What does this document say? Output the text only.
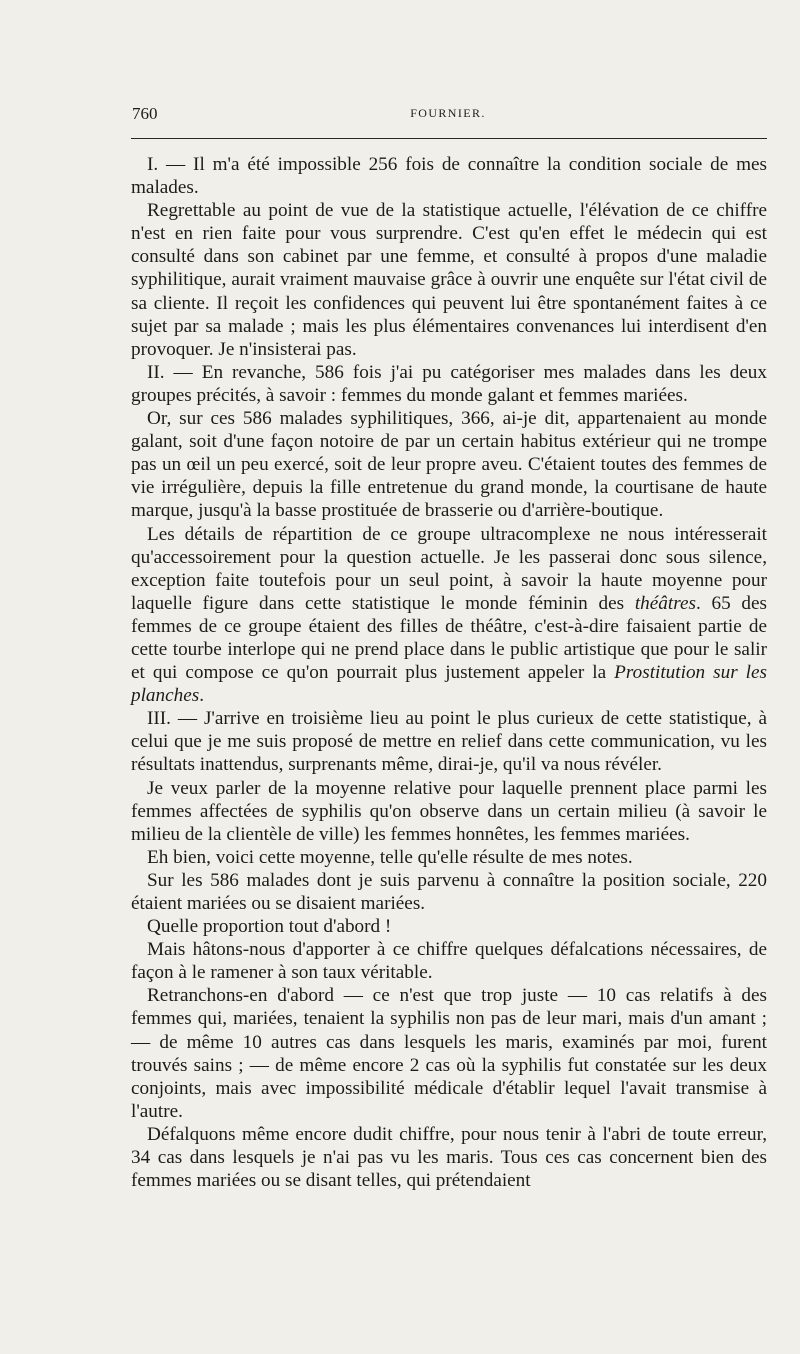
760	FOURNIER.

I. — Il m'a été impossible 256 fois de connaître la condition sociale de mes malades.

Regrettable au point de vue de la statistique actuelle, l'élévation de ce chiffre n'est en rien faite pour vous surprendre. C'est qu'en effet le médecin qui est consulté dans son cabinet par une femme, et consulté à propos d'une maladie syphilitique, aurait vraiment mauvaise grâce à ouvrir une enquête sur l'état civil de sa cliente. Il reçoit les confidences qui peuvent lui être spontanément faites à ce sujet par sa malade ; mais les plus élémentaires convenances lui interdisent d'en provoquer. Je n'insisterai pas.

II. — En revanche, 586 fois j'ai pu catégoriser mes malades dans les deux groupes précités, à savoir : femmes du monde galant et femmes mariées.

Or, sur ces 586 malades syphilitiques, 366, ai-je dit, appartenaient au monde galant, soit d'une façon notoire de par un certain habitus extérieur qui ne trompe pas un œil un peu exercé, soit de leur propre aveu. C'étaient toutes des femmes de vie irrégulière, depuis la fille entretenue du grand monde, la courtisane de haute marque, jusqu'à la basse prostituée de brasserie ou d'arrière-boutique.

Les détails de répartition de ce groupe ultracomplexe ne nous intéresserait qu'accessoirement pour la question actuelle. Je les passerai donc sous silence, exception faite toutefois pour un seul point, à savoir la haute moyenne pour laquelle figure dans cette statistique le monde féminin des théâtres. 65 des femmes de ce groupe étaient des filles de théâtre, c'est-à-dire faisaient partie de cette tourbe interlope qui ne prend place dans le public artistique que pour le salir et qui compose ce qu'on pourrait plus justement appeler la Prostitution sur les planches.

III. — J'arrive en troisième lieu au point le plus curieux de cette statistique, à celui que je me suis proposé de mettre en relief dans cette communication, vu les résultats inattendus, surprenants même, dirai-je, qu'il va nous révéler.

Je veux parler de la moyenne relative pour laquelle prennent place parmi les femmes affectées de syphilis qu'on observe dans un certain milieu (à savoir le milieu de la clientèle de ville) les femmes honnêtes, les femmes mariées.

Eh bien, voici cette moyenne, telle qu'elle résulte de mes notes.

Sur les 586 malades dont je suis parvenu à connaître la position sociale, 220 étaient mariées ou se disaient mariées.

Quelle proportion tout d'abord !

Mais hâtons-nous d'apporter à ce chiffre quelques défalcations nécessaires, de façon à le ramener à son taux véritable.

Retranchons-en d'abord — ce n'est que trop juste — 10 cas relatifs à des femmes qui, mariées, tenaient la syphilis non pas de leur mari, mais d'un amant ; — de même 10 autres cas dans lesquels les maris, examinés par moi, furent trouvés sains ; — de même encore 2 cas où la syphilis fut constatée sur les deux conjoints, mais avec impossibilité médicale d'établir lequel l'avait transmise à l'autre.

Défalquons même encore dudit chiffre, pour nous tenir à l'abri de toute erreur, 34 cas dans lesquels je n'ai pas vu les maris. Tous ces cas concernent bien des femmes mariées ou se disant telles, qui prétendaient
